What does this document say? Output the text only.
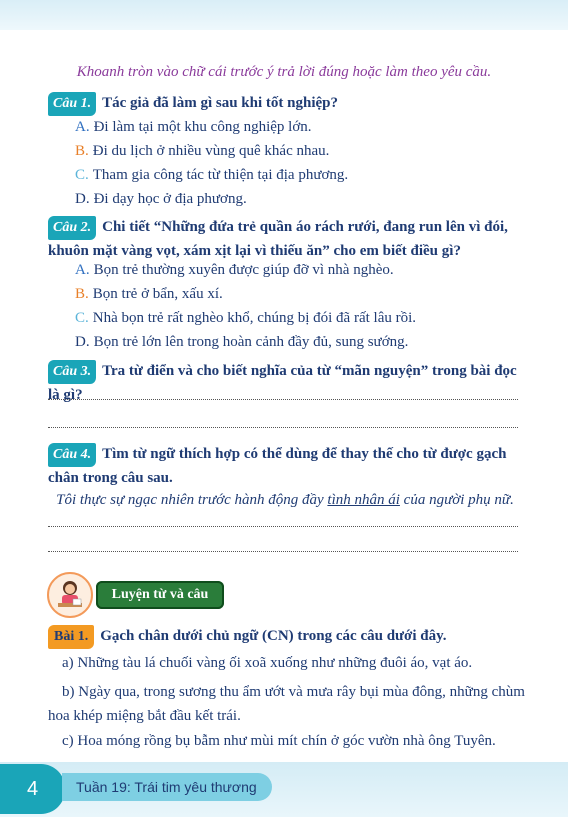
Khoanh tròn vào chữ cái trước ý trả lời đúng hoặc làm theo yêu cầu.
Câu 1. Tác giả đã làm gì sau khi tốt nghiệp?
A. Đi làm tại một khu công nghiệp lớn.
B. Đi du lịch ở nhiều vùng quê khác nhau.
C. Tham gia công tác từ thiện tại địa phương.
D. Đi dạy học ở địa phương.
Câu 2. Chi tiết “Những đứa trẻ quần áo rách rưới, đang run lên vì đói, khuôn mặt vàng vọt, xám xịt lại vì thiếu ăn” cho em biết điều gì?
A. Bọn trẻ thường xuyên được giúp đỡ vì nhà nghèo.
B. Bọn trẻ ở bẩn, xấu xí.
C. Nhà bọn trẻ rất nghèo khổ, chúng bị đói đã rất lâu rồi.
D. Bọn trẻ lớn lên trong hoàn cảnh đầy đủ, sung sướng.
Câu 3. Tra từ điển và cho biết nghĩa của từ “mãn nguyện” trong bài đọc là gì?
Câu 4. Tìm từ ngữ thích hợp có thể dùng để thay thế cho từ được gạch chân trong câu sau.
Tôi thực sự ngạc nhiên trước hành động đầy tình nhân ái của người phụ nữ.
Luyện từ và câu
Bài 1. Gạch chân dưới chủ ngữ (CN) trong các câu dưới đây.
a) Những tàu lá chuối vàng ối xoã xuống như những đuôi áo, vạt áo.
b) Ngày qua, trong sương thu ẩm ướt và mưa rây bụi mùa đông, những chùm hoa khép miệng bắt đầu kết trái.
c) Hoa móng rồng bụ bẫm như mùi mít chín ở góc vườn nhà ông Tuyên.
4	Tuần 19: Trái tim yêu thương
